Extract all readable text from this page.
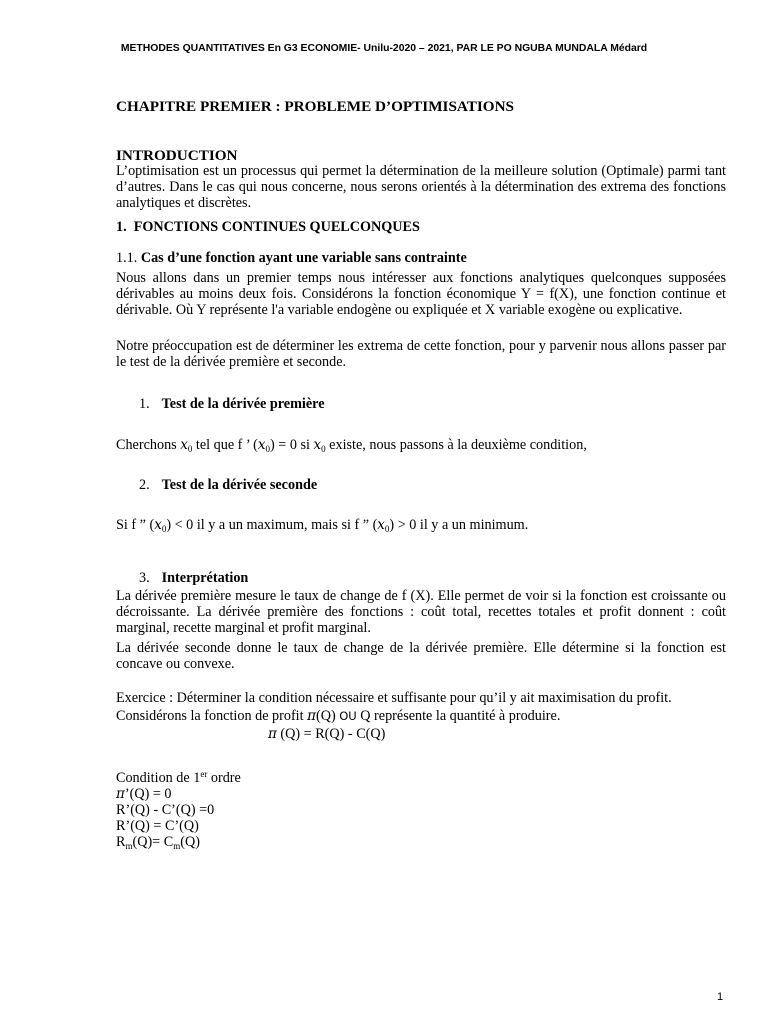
METHODES QUANTITATIVES En G3 ECONOMIE- Unilu-2020 – 2021, PAR LE PO NGUBA MUNDALA Médard
CHAPITRE PREMIER : PROBLEME D’OPTIMISATIONS
INTRODUCTION
L’optimisation est un processus qui permet la détermination de la meilleure solution (Optimale) parmi tant d’autres. Dans le cas qui nous concerne, nous serons orientés à la détermination des extrema des fonctions analytiques et discrètes.
1. FONCTIONS CONTINUES QUELCONQUES
1.1. Cas d’une fonction ayant une variable sans contrainte
Nous allons dans un premier temps nous intéresser aux fonctions analytiques quelconques supposées dérivables au moins deux fois. Considérons la fonction économique Y = f(X), une fonction continue et dérivable. Où Y représente l'a variable endogène ou expliquée et X variable exogène ou explicative.
Notre préoccupation est de déterminer les extrema de cette fonction, pour y parvenir nous allons passer par le test de la dérivée première et seconde.
1. Test de la dérivée première
Cherchons $x_0$ tel que f ’ $(x_0) = 0$ si $x_0$ existe, nous passons à la deuxième condition,
2. Test de la dérivée seconde
Si f ” $(x_0) < 0$ il y a un maximum, mais si f ” $(x_0) > 0$ il y a un minimum.
3. Interprétation
La dérivée première mesure le taux de change de f (X). Elle permet de voir si la fonction est croissante ou décroissante. La dérivée première des fonctions : coût total, recettes totales et profit donnent : coût marginal, recette marginal et profit marginal.
La dérivée seconde donne le taux de change de la dérivée première. Elle détermine si la fonction est concave ou convexe.
Exercice : Déterminer la condition nécessaire et suffisante pour qu’il y ait maximisation du profit.
Considérons la fonction de profit π(Q) OU Q représente la quantité à produire.
π (Q) = R(Q) - C(Q)
Condition de 1er ordre
π’(Q) = 0
R’(Q) - C’(Q) =0
R’(Q) = C’(Q)
$R_m(Q)= C_m(Q)$
1
